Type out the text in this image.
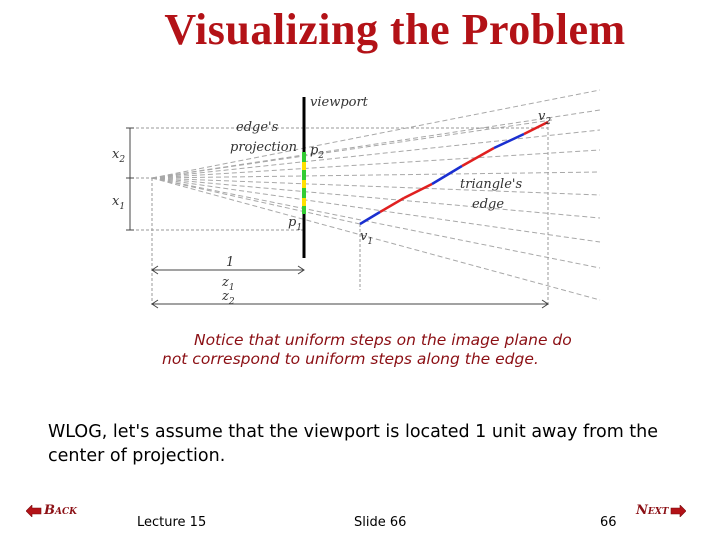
Visualizing the Problem
viewport
edge's
projection $p_2$
$p_1$
$x_2$
$x_1$
triangle's
edge
$v_2$
$v_1$
1
$z_1$
$z_2$
Notice that uniform steps on the image plane do not correspond to uniform steps along the edge.
WLOG, let's assume that the viewport is located 1 unit away from the center of projection.
Back	Next
Lecture 15	Slide 66	66
